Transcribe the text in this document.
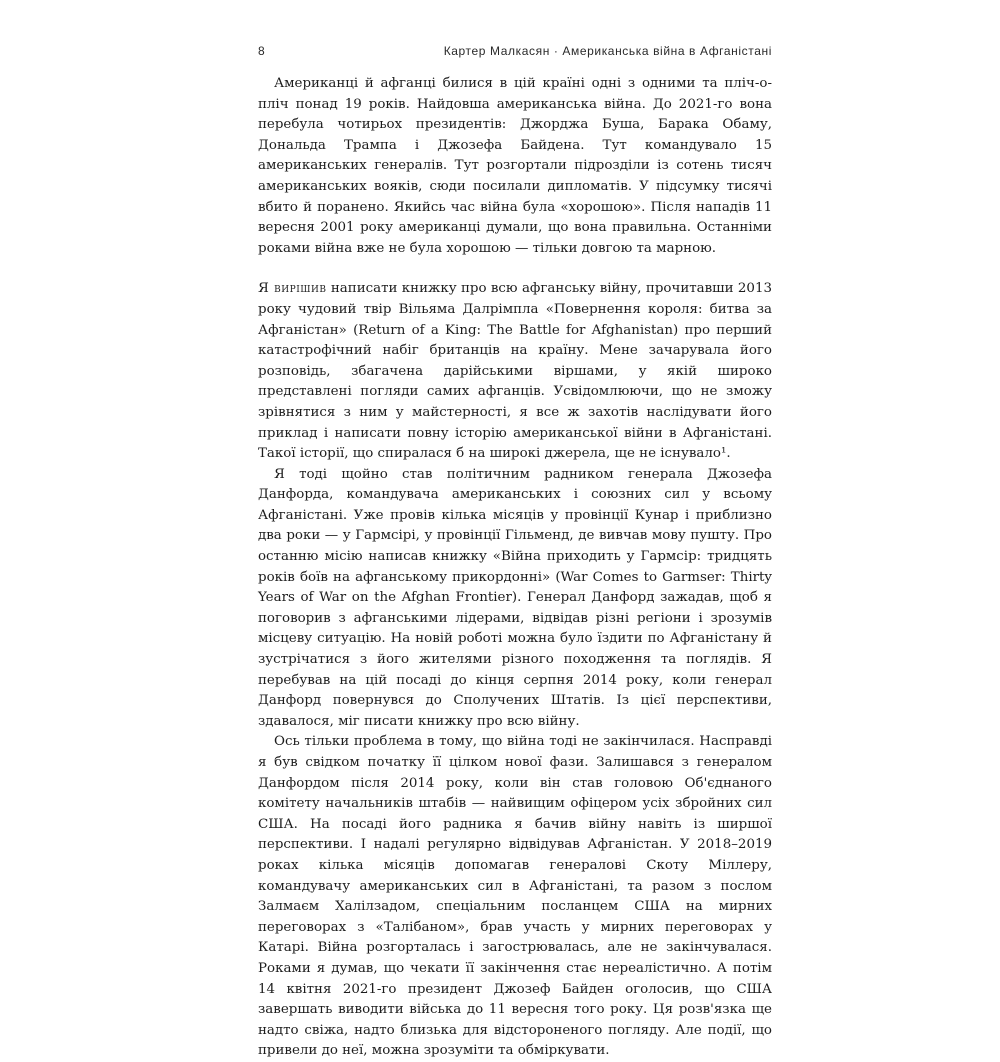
8	Картер Малкасян · Американська війна в Афганістані

Американці й афганці билися в цій країні одні з одними та пліч-о-пліч понад 19 років. Найдовша американська війна. До 2021-го вона перебула чотирьох президентів: Джорджа Буша, Барака Обаму, Дональда Трампа і Джозефа Байдена. Тут командувало 15 американських генералів. Тут розгортали підрозділи із сотень тисяч американських вояків, сюди посилали дипломатів. У підсумку тисячі вбито й поранено. Якийсь час війна була «хорошою». Після нападів 11 вересня 2001 року американці думали, що вона правильна. Останніми роками війна вже не була хорошою — тільки довгою та марною.

Я вирішив написати книжку про всю афганську війну, прочитавши 2013 року чудовий твір Вільяма Далрімпла «Повернення короля: битва за Афганістан» (Return of a King: The Battle for Afghanistan) про перший катастрофічний набіг британців на країну. Мене зачарувала його розповідь, збагачена дарійськими віршами, у якій широко представлені погляди самих афганців. Усвідомлюючи, що не зможу зрівнятися з ним у майстерності, я все ж захотів наслідувати його приклад і написати повну історію американської війни в Афганістані. Такої історії, що спиралася б на широкі джерела, ще не існувало¹.

Я тоді щойно став політичним радником генерала Джозефа Данфорда, командувача американських і союзних сил у всьому Афганістані. Уже провів кілька місяців у провінції Кунар і приблизно два роки — у Гармсірі, у провінції Гільменд, де вивчав мову пушту. Про останню місію написав книжку «Війна приходить у Гармсір: тридцять років боїв на афганському прикордонні» (War Comes to Garmser: Thirty Years of War on the Afghan Frontier). Генерал Данфорд зажадав, щоб я поговорив з афганськими лідерами, відвідав різні регіони і зрозумів місцеву ситуацію. На новій роботі можна було їздити по Афганістану й зустрічатися з його жителями різного походження та поглядів. Я перебував на цій посаді до кінця серпня 2014 року, коли генерал Данфорд повернувся до Сполучених Штатів. Із цієї перспективи, здавалося, міг писати книжку про всю війну.

Ось тільки проблема в тому, що війна тоді не закінчилася. Насправді я був свідком початку її цілком нової фази. Залишався з генералом Данфордом після 2014 року, коли він став головою Об'єднаного комітету начальників штабів — найвищим офіцером усіх збройних сил США. На посаді його радника я бачив війну навіть із ширшої перспективи. І надалі регулярно відвідував Афганістан. У 2018–2019 роках кілька місяців допомагав генералові Скоту Міллеру, командувачу американських сил в Афганістані, та разом з послом Залмаєм Халілзадом, спеціальним посланцем США на мирних переговорах з «Талібаном», брав участь у мирних переговорах у Катарі. Війна розгорталась і загострювалась, але не закінчувалася. Роками я думав, що чекати її закінчення стає нереалістично. А потім 14 квітня 2021-го президент Джозеф Байден оголосив, що США завершать виводити війська до 11 вересня того року. Ця розв'язка ще надто свіжа, надто близька для відстороненого погляду. Але події, що привели до неї, можна зрозуміти та обміркувати.
